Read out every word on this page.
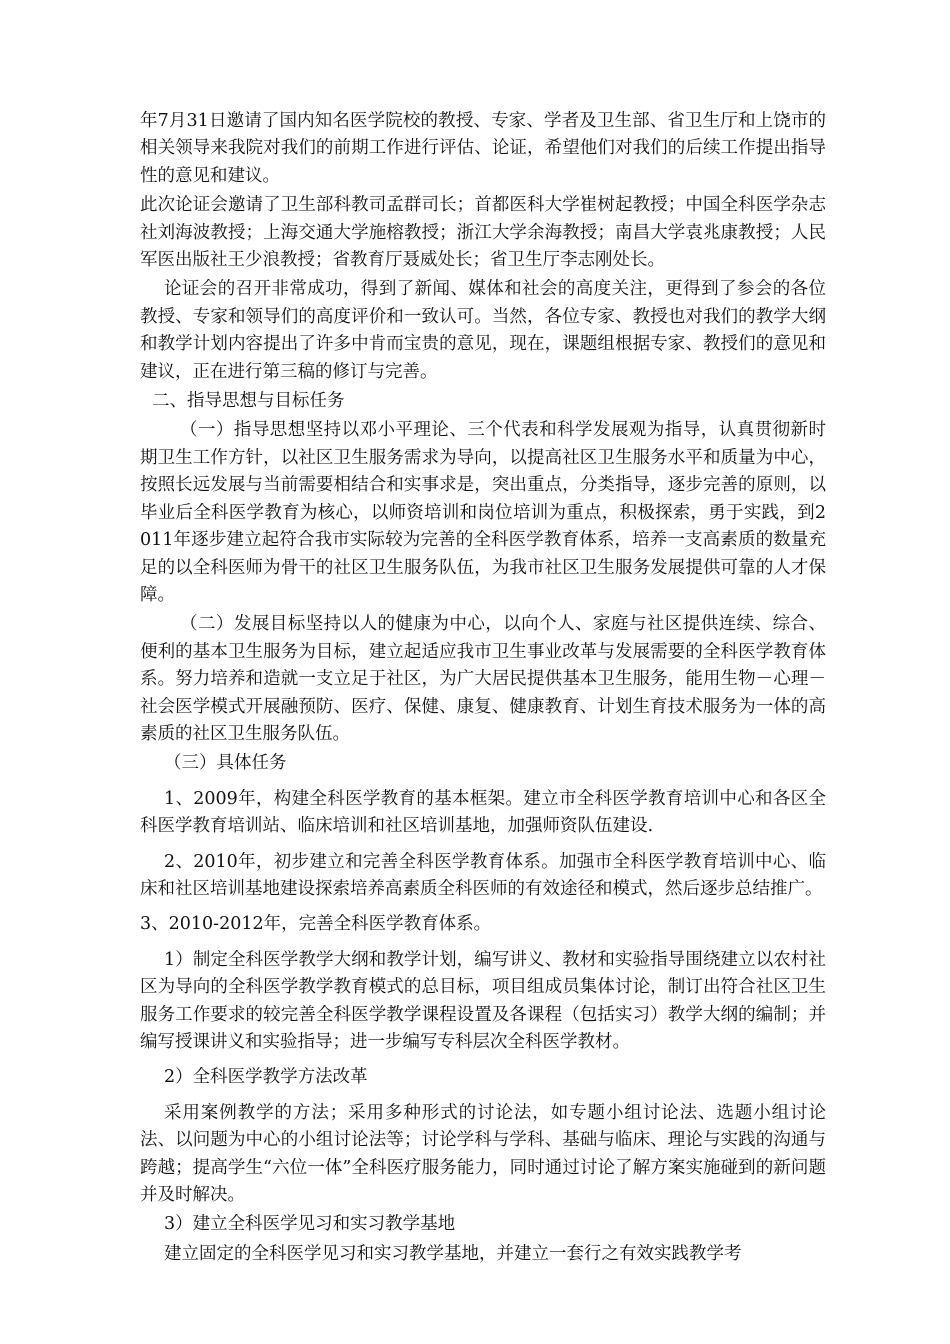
年7月31日邀请了国内知名医学院校的教授、专家、学者及卫生部、省卫生厅和上饶市的相关领导来我院对我们的前期工作进行评估、论证，希望他们对我们的后续工作提出指导性的意见和建议。

此次论证会邀请了卫生部科教司孟群司长；首都医科大学崔树起教授；中国全科医学杂志社刘海波教授；上海交通大学施榕教授；浙江大学余海教授；南昌大学袁兆康教授；人民军医出版社王少浪教授；省教育厅聂威处长；省卫生厅李志刚处长。

论证会的召开非常成功，得到了新闻、媒体和社会的高度关注，更得到了参会的各位教授、专家和领导们的高度评价和一致认可。当然，各位专家、教授也对我们的教学大纲和教学计划内容提出了许多中肯而宝贵的意见，现在，课题组根据专家、教授们的意见和建议，正在进行第三稿的修订与完善。

二、指导思想与目标任务

（一）指导思想坚持以邓小平理论、三个代表和科学发展观为指导，认真贯彻新时期卫生工作方针，以社区卫生服务需求为导向，以提高社区卫生服务水平和质量为中心，按照长远发展与当前需要相结合和实事求是，突出重点，分类指导，逐步完善的原则，以毕业后全科医学教育为核心，以师资培训和岗位培训为重点，积极探索，勇于实践，到2011年逐步建立起符合我市实际较为完善的全科医学教育体系，培养一支高素质的数量充足的以全科医师为骨干的社区卫生服务队伍，为我市社区卫生服务发展提供可靠的人才保障。

（二）发展目标坚持以人的健康为中心，以向个人、家庭与社区提供连续、综合、便利的基本卫生服务为目标，建立起适应我市卫生事业改革与发展需要的全科医学教育体系。努力培养和造就一支立足于社区，为广大居民提供基本卫生服务，能用生物－心理－社会医学模式开展融预防、医疗、保健、康复、健康教育、计划生育技术服务为一体的高素质的社区卫生服务队伍。

（三）具体任务

1、2009年，构建全科医学教育的基本框架。建立市全科医学教育培训中心和各区全科医学教育培训站、临床培训和社区培训基地，加强师资队伍建设.

2、2010年，初步建立和完善全科医学教育体系。加强市全科医学教育培训中心、临床和社区培训基地建设探索培养高素质全科医师的有效途径和模式，然后逐步总结推广。

3、2010-2012年，完善全科医学教育体系。

1）制定全科医学教学大纲和教学计划，编写讲义、教材和实验指导围绕建立以农村社区为导向的全科医学教学教育模式的总目标，项目组成员集体讨论，制订出符合社区卫生服务工作要求的较完善全科医学教学课程设置及各课程（包括实习）教学大纲的编制；并编写授课讲义和实验指导；进一步编写专科层次全科医学教材。

2）全科医学教学方法改革

采用案例教学的方法；采用多种形式的讨论法，如专题小组讨论法、选题小组讨论法、以问题为中心的小组讨论法等；讨论学科与学科、基础与临床、理论与实践的沟通与跨越；提高学生“六位一体”全科医疗服务能力，同时通过讨论了解方案实施碰到的新问题并及时解决。

3）建立全科医学见习和实习教学基地

建立固定的全科医学见习和实习教学基地，并建立一套行之有效实践教学考
